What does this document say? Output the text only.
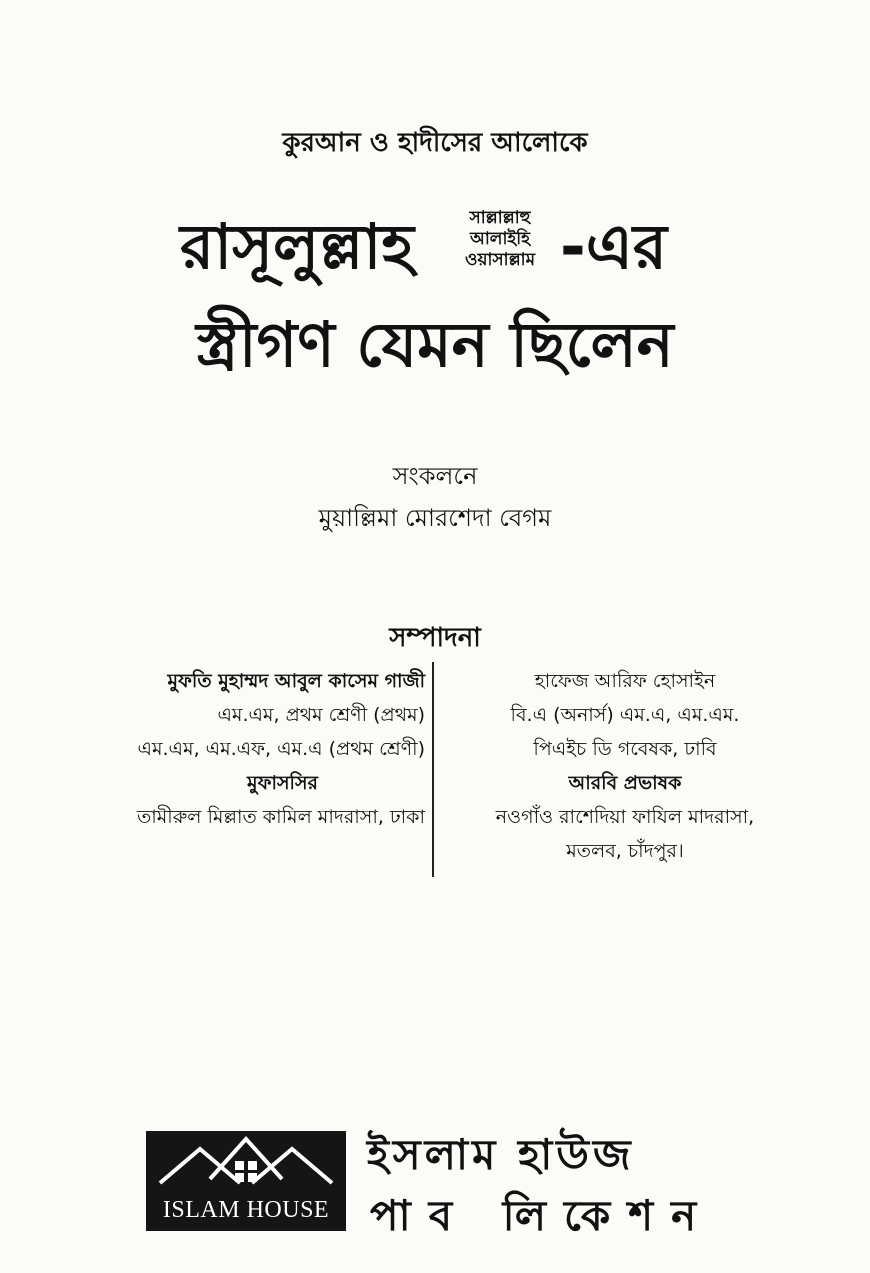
কুরআন ও হাদীসের আলোকে
রাসূলুল্লাহ	সাল্লাল্লাহু
আলাইহি
ওয়াসাল্লাম -এর
স্ত্রীগণ যেমন ছিলেন
সংকলনে
মুয়াল্লিমা মোরশেদা বেগম
সম্পাদনা
মুফতি মুহাম্মদ আবুল কাসেম গাজী
এম.এম, প্রথম শ্রেণী (প্রথম)
এম.এম, এম.এফ, এম.এ (প্রথম শ্রেণী)
মুফাসসির
তামীরুল মিল্লাত কামিল মাদরাসা, ঢাকা
হাফেজ আরিফ হোসাইন
বি.এ (অনার্স) এম.এ, এম.এম.
পিএইচ ডি গবেষক, ঢাবি
আরবি প্রভাষক
নওগাঁও রাশেদিয়া ফাযিল মাদরাসা,
মতলব, চাঁদপুর।
ISLAM HOUSE
ইসলাম হাউজ
পাব লিকেশন
